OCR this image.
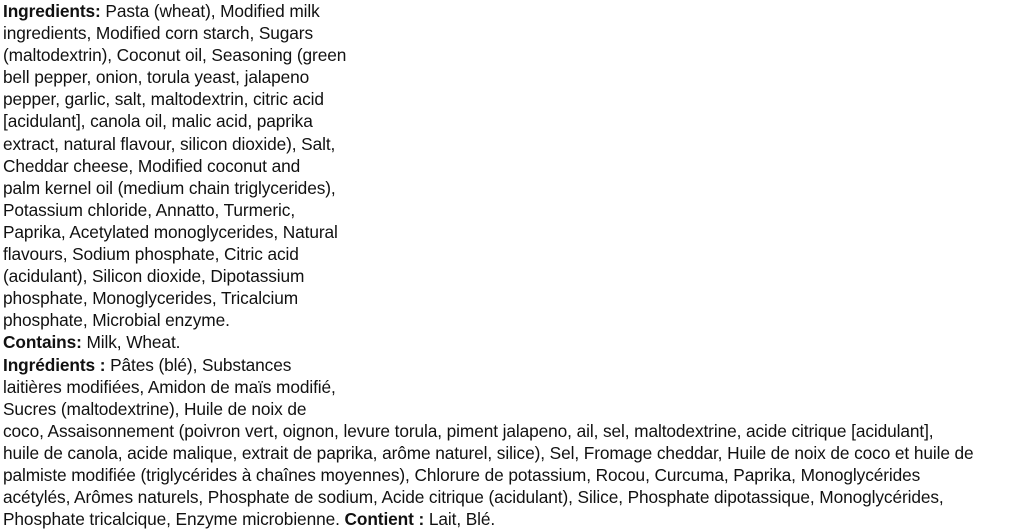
Ingredients: Pasta (wheat), Modified milk
ingredients, Modified corn starch, Sugars
(maltodextrin), Coconut oil, Seasoning (green
bell pepper, onion, torula yeast, jalapeno
pepper, garlic, salt, maltodextrin, citric acid
[acidulant], canola oil, malic acid, paprika
extract, natural flavour, silicon dioxide), Salt,
Cheddar cheese, Modified coconut and
palm kernel oil (medium chain triglycerides),
Potassium chloride, Annatto, Turmeric,
Paprika, Acetylated monoglycerides, Natural
flavours, Sodium phosphate, Citric acid
(acidulant), Silicon dioxide, Dipotassium
phosphate, Monoglycerides, Tricalcium
phosphate, Microbial enzyme.
Contains: Milk, Wheat.
Ingrédients : Pâtes (blé), Substances
laitières modifiées, Amidon de maïs modifié,
Sucres (maltodextrine), Huile de noix de
coco, Assaisonnement (poivron vert, oignon, levure torula, piment jalapeno, ail, sel, maltodextrine, acide citrique [acidulant],
huile de canola, acide malique, extrait de paprika, arôme naturel, silice), Sel, Fromage cheddar, Huile de noix de coco et huile de
palmiste modifiée (triglycérides à chaînes moyennes), Chlorure de potassium, Rocou, Curcuma, Paprika, Monoglycérides
acétylés, Arômes naturels, Phosphate de sodium, Acide citrique (acidulant), Silice, Phosphate dipotassique, Monoglycérides,
Phosphate tricalcique, Enzyme microbienne. Contient : Lait, Blé.
